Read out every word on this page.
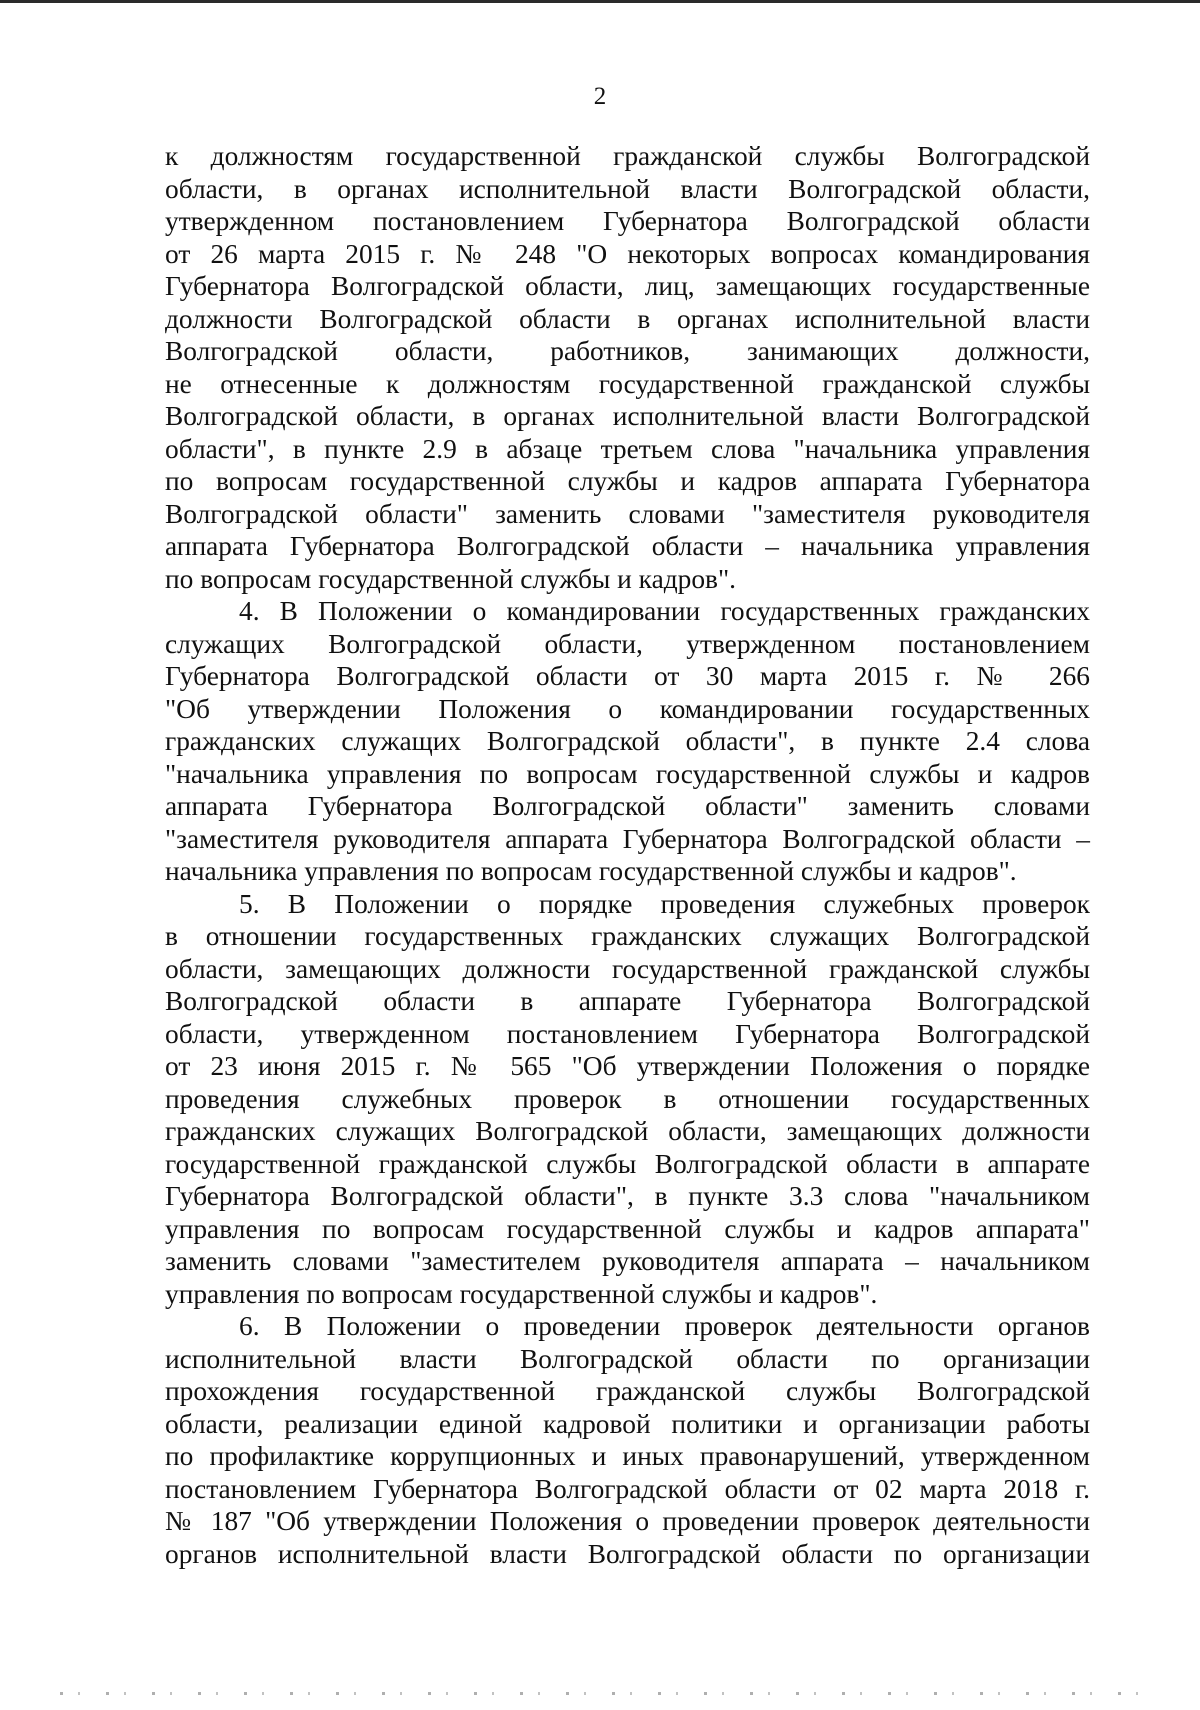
2
к должностям государственной гражданской службы Волгоградской
области, в органах исполнительной власти Волгоградской области,
утвержденном постановлением Губернатора Волгоградской области
от 26 марта 2015 г. № 248 "О некоторых вопросах командирования
Губернатора Волгоградской области, лиц, замещающих государственные
должности Волгоградской области в органах исполнительной власти
Волгоградской области, работников, занимающих должности,
не отнесенные к должностям государственной гражданской службы
Волгоградской области, в органах исполнительной власти Волгоградской
области", в пункте 2.9 в абзаце третьем слова "начальника управления
по вопросам государственной службы и кадров аппарата Губернатора
Волгоградской области" заменить словами "заместителя руководителя
аппарата Губернатора Волгоградской области – начальника управления
по вопросам государственной службы и кадров".
4. В Положении о командировании государственных гражданских
служащих Волгоградской области, утвержденном постановлением
Губернатора Волгоградской области от 30 марта 2015 г. № 266
"Об утверждении Положения о командировании государственных
гражданских служащих Волгоградской области", в пункте 2.4 слова
"начальника управления по вопросам государственной службы и кадров
аппарата Губернатора Волгоградской области" заменить словами
"заместителя руководителя аппарата Губернатора Волгоградской области –
начальника управления по вопросам государственной службы и кадров".
5. В Положении о порядке проведения служебных проверок
в отношении государственных гражданских служащих Волгоградской
области, замещающих должности государственной гражданской службы
Волгоградской области в аппарате Губернатора Волгоградской
области, утвержденном постановлением Губернатора Волгоградской
от 23 июня 2015 г. № 565 "Об утверждении Положения о порядке
проведения служебных проверок в отношении государственных
гражданских служащих Волгоградской области, замещающих должности
государственной гражданской службы Волгоградской области в аппарате
Губернатора Волгоградской области", в пункте 3.3 слова "начальником
управления по вопросам государственной службы и кадров аппарата"
заменить словами "заместителем руководителя аппарата – начальником
управления по вопросам государственной службы и кадров".
6. В Положении о проведении проверок деятельности органов
исполнительной власти Волгоградской области по организации
прохождения государственной гражданской службы Волгоградской
области, реализации единой кадровой политики и организации работы
по профилактике коррупционных и иных правонарушений, утвержденном
постановлением Губернатора Волгоградской области от 02 марта 2018 г.
№ 187 "Об утверждении Положения о проведении проверок деятельности
органов исполнительной власти Волгоградской области по организации
